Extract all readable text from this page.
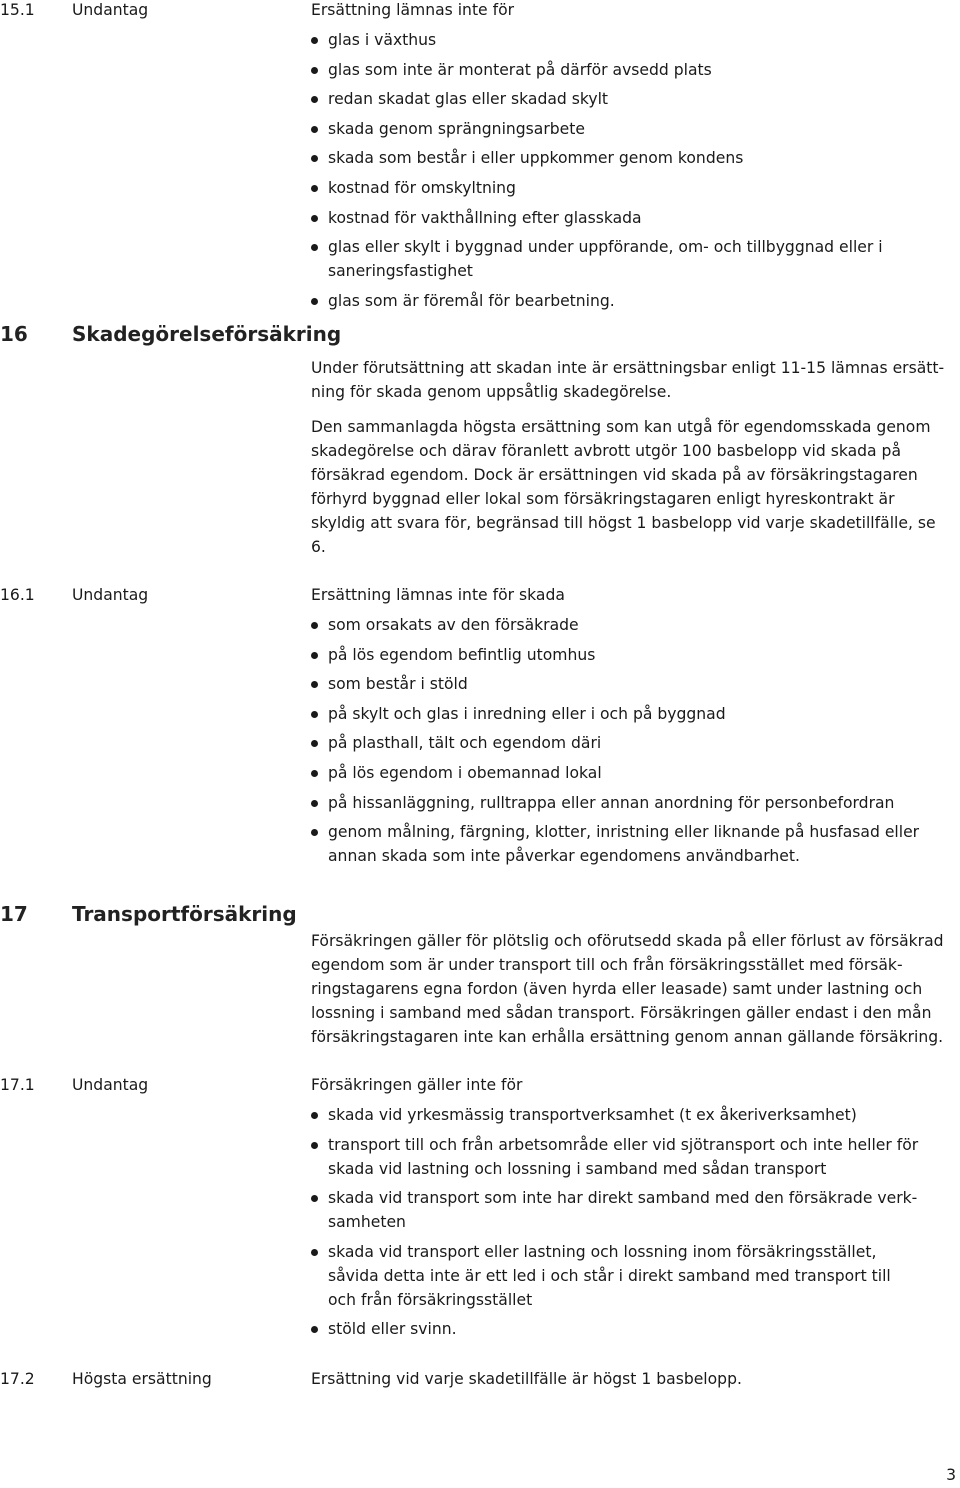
15.1 Undantag	Ersättning lämnas inte för
glas i växthus
glas som inte är monterat på därför avsedd plats
redan skadat glas eller skadad skylt
skada genom sprängningsarbete
skada som består i eller uppkommer genom kondens
kostnad för omskyltning
kostnad för vakthållning efter glasskada
glas eller skylt i byggnad under uppförande, om- och tillbyggnad eller i saneringsfastighet
glas som är föremål för bearbetning.
16 Skadegörelseförsäkring
Under förutsättning att skadan inte är ersättningsbar enligt 11-15 lämnas ersättning för skada genom uppsåtlig skadegörelse.
Den sammanlagda högsta ersättning som kan utgå för egendomsskada genom skadegörelse och därav föranlett avbrott utgör 100 basbelopp vid skada på försäkrad egendom. Dock är ersättningen vid skada på av försäkringstagaren förhyrd byggnad eller lokal som försäkringstagaren enligt hyreskontrakt är skyldig att svara för, begränsad till högst 1 basbelopp vid varje skadetillfälle, se 6.
16.1 Undantag	Ersättning lämnas inte för skada
som orsakats av den försäkrade
på lös egendom befintlig utomhus
som består i stöld
på skylt och glas i inredning eller i och på byggnad
på plasthall, tält och egendom däri
på lös egendom i obemannad lokal
på hissanläggning, rulltrappa eller annan anordning för personbefordran
genom målning, färgning, klotter, inristning eller liknande på husfasad eller annan skada som inte påverkar egendomens användbarhet.
17 Transportförsäkring
Försäkringen gäller för plötslig och oförutsedd skada på eller förlust av försäkrad egendom som är under transport till och från försäkringsstället med försäkringstagarens egna fordon (även hyrda eller leasade) samt under lastning och lossning i samband med sådan transport. Försäkringen gäller endast i den mån försäkringstagaren inte kan erhålla ersättning genom annan gällande försäkring.
17.1 Undantag	Försäkringen gäller inte för
skada vid yrkesmässig transportverksamhet (t ex åkeriverksamhet)
transport till och från arbetsområde eller vid sjötransport och inte heller för skada vid lastning och lossning i samband med sådan transport
skada vid transport som inte har direkt samband med den försäkrade verksamheten
skada vid transport eller lastning och lossning inom försäkringsstället, såvida detta inte är ett led i och står i direkt samband med transport till och från försäkringsstället
stöld eller svinn.
17.2 Högsta ersättning	Ersättning vid varje skadetillfälle är högst 1 basbelopp.
3
